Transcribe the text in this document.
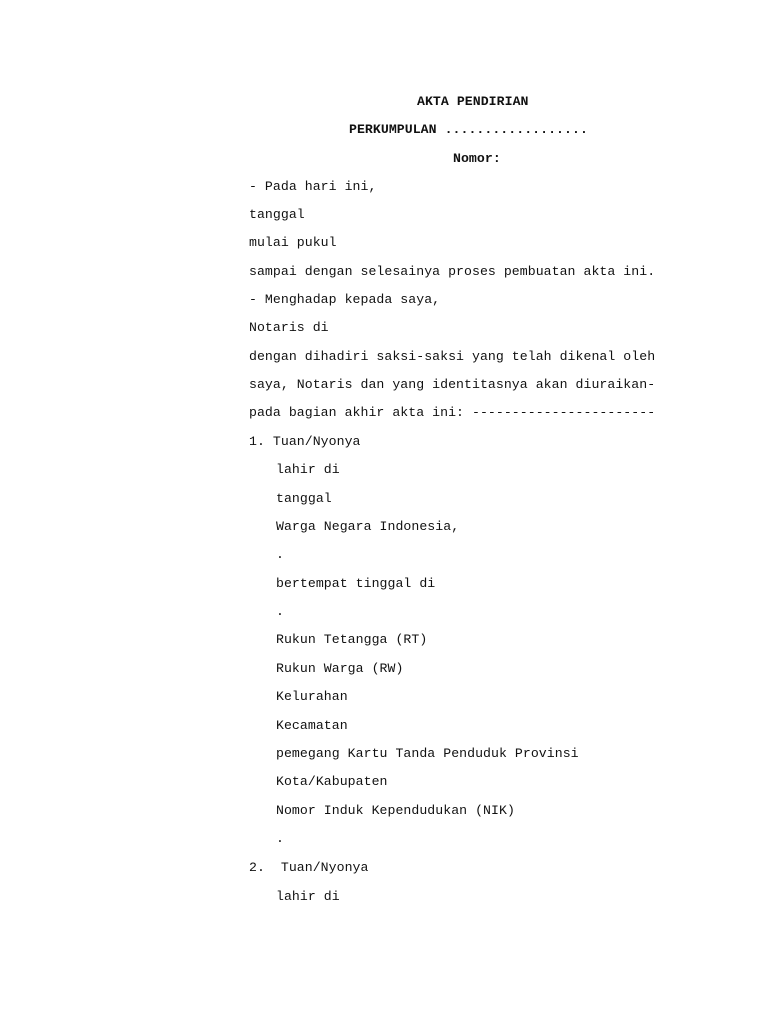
AKTA PENDIRIAN
PERKUMPULAN ..................
Nomor:
- Pada hari ini,
tanggal
mulai pukul
sampai dengan selesainya proses pembuatan akta ini.
- Menghadap kepada saya,
Notaris di
dengan dihadiri saksi-saksi yang telah dikenal oleh
saya, Notaris dan yang identitasnya akan diuraikan-
pada bagian akhir akta ini: -----------------------
1. Tuan/Nyonya
lahir di
tanggal
Warga Negara Indonesia,
.
bertempat tinggal di
.
Rukun Tetangga (RT)
Rukun Warga (RW)
Kelurahan
Kecamatan
pemegang Kartu Tanda Penduduk Provinsi
Kota/Kabupaten
Nomor Induk Kependudukan (NIK)
.
2.  Tuan/Nyonya
lahir di
